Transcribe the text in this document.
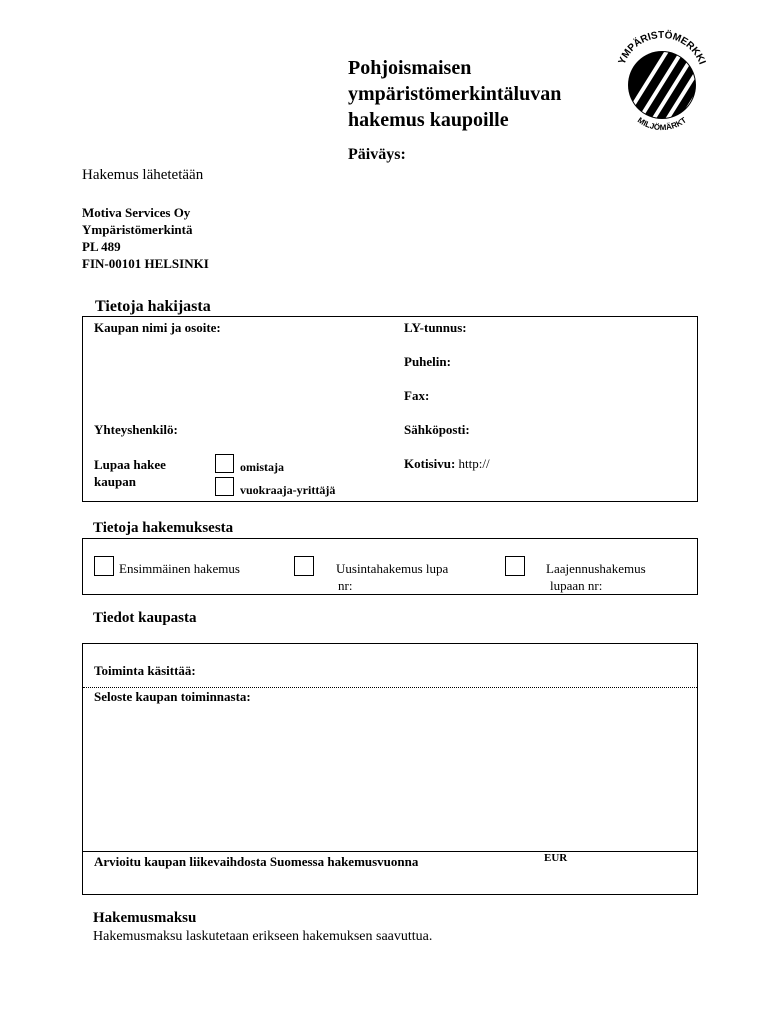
Pohjoismaisen
ympäristömerkintäluvan
hakemus kaupoille
YMPÄRISTÖMERKKI
MILJÖMÄRKT
Päiväys:
Hakemus lähetetään
Motiva Services Oy
Ympäristömerkintä
PL 489
FIN-00101 HELSINKI
Tietoja hakijasta
Kaupan nimi ja osoite:	LY-tunnus:
Puhelin:
Fax:
Yhteyshenkilö:	Sähköposti:
Lupaa hakee
kaupan
omistaja
vuokraaja-yrittäjä
Kotisivu: http://
Tietoja hakemuksesta
Ensimmäinen hakemus	Uusintahakemus lupa
nr:
Laajennushakemus
lupaan nr:
Tiedot kaupasta
Toiminta käsittää:
Seloste kaupan toiminnasta:
Arvioitu kaupan liikevaihdosta Suomessa hakemusvuonna	EUR
Hakemusmaksu
Hakemusmaksu laskutetaan erikseen hakemuksen saavuttua.
